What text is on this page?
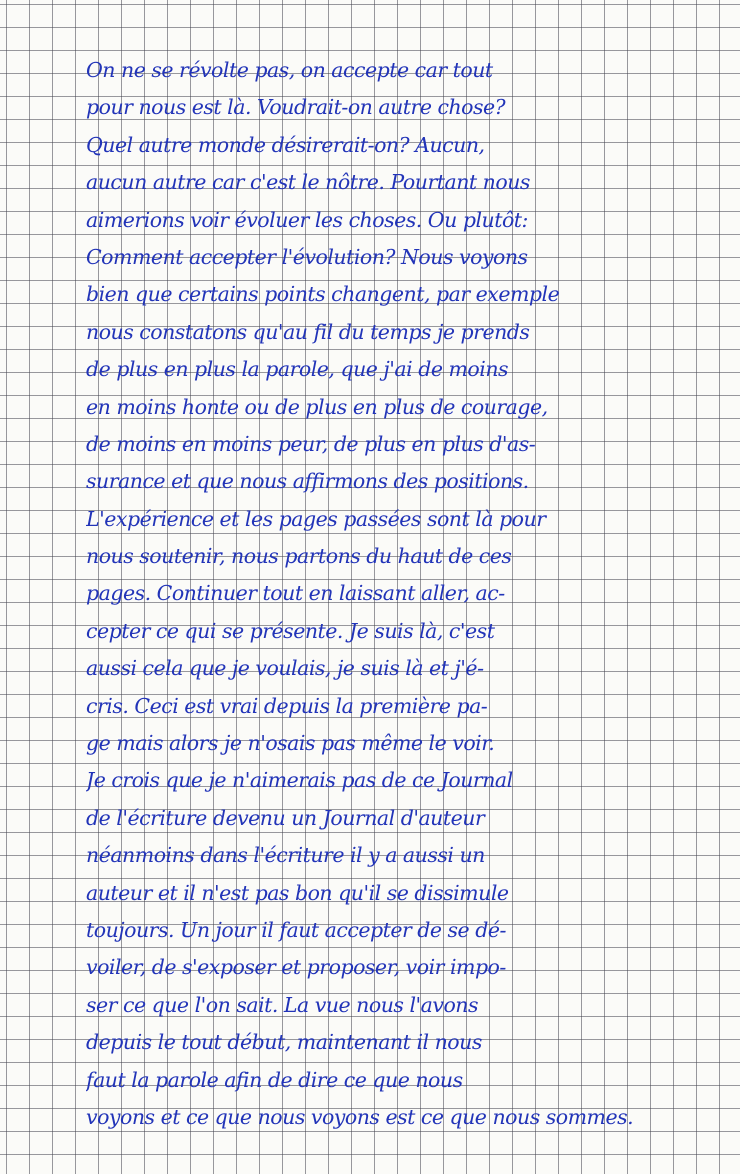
On ne se révolte pas, on accepte car tout
pour nous est là. Voudrait-on autre chose?
Quel autre monde désirerait-on? Aucun,
aucun autre car c'est le nôtre. Pourtant nous
aimerions voir évoluer les choses. Ou plutôt:
Comment accepter l'évolution? Nous voyons
bien que certains points changent, par exemple
nous constatons qu'au fil du temps je prends
de plus en plus la parole, que j'ai de moins
en moins honte ou de plus en plus de courage,
de moins en moins peur, de plus en plus d'as-
surance et que nous affirmons des positions.
L'expérience et les pages passées sont là pour
nous soutenir, nous partons du haut de ces
pages. Continuer tout en laissant aller, ac-
cepter ce qui se présente. Je suis là, c'est
aussi cela que je voulais, je suis là et j'é-
cris. Ceci est vrai depuis la première pa-
ge mais alors je n'osais pas même le voir.
Je crois que je n'aimerais pas de ce Journal
de l'écriture devenu un Journal d'auteur
néanmoins dans l'écriture il y a aussi un
auteur et il n'est pas bon qu'il se dissimule
toujours. Un jour il faut accepter de se dé-
voiler, de s'exposer et proposer, voir impo-
ser ce que l'on sait. La vue nous l'avons
depuis le tout début, maintenant il nous
faut la parole afin de dire ce que nous
voyons et ce que nous voyons est ce que nous sommes.
